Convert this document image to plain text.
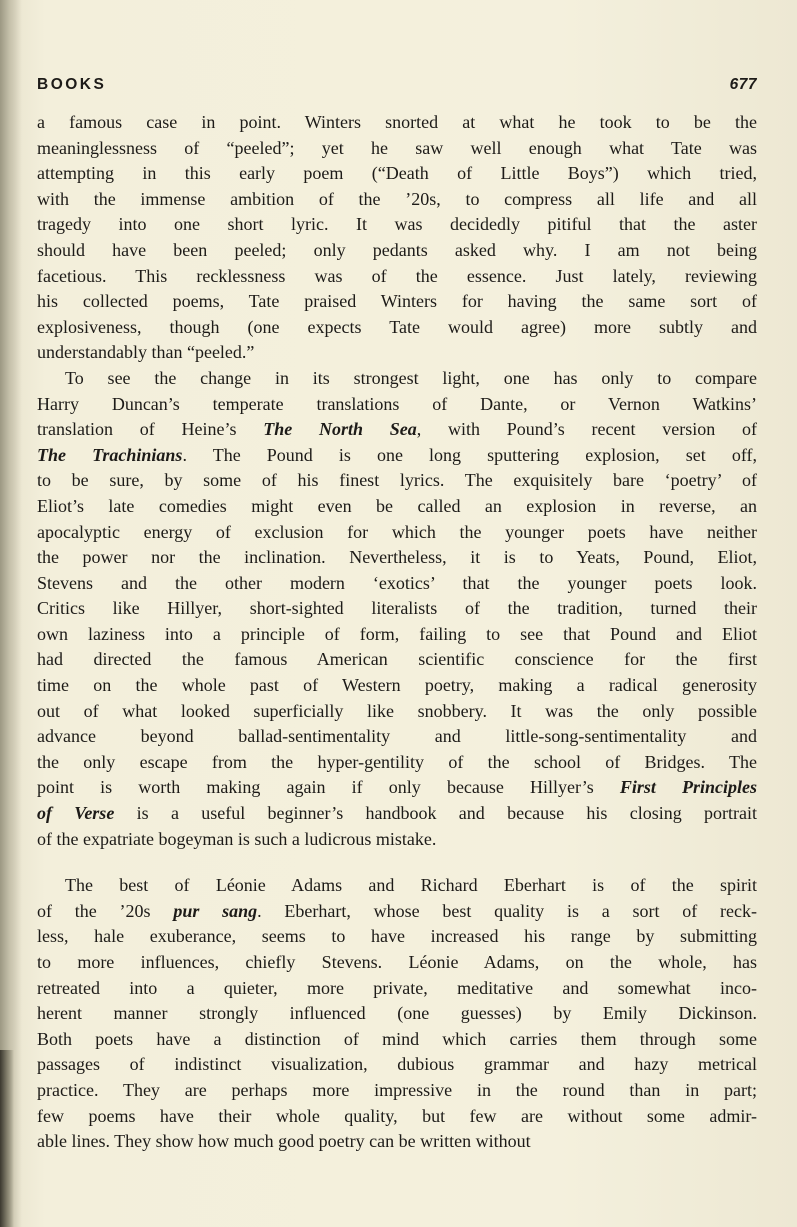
BOOKS	677
a famous case in point. Winters snorted at what he took to be the
meaninglessness of “peeled”; yet he saw well enough what Tate was
attempting in this early poem (“Death of Little Boys”) which tried,
with the immense ambition of the ’20s, to compress all life and all
tragedy into one short lyric. It was decidedly pitiful that the aster
should have been peeled; only pedants asked why. I am not being
facetious. This recklessness was of the essence. Just lately, reviewing
his collected poems, Tate praised Winters for having the same sort of
explosiveness, though (one expects Tate would agree) more subtly and
understandably than “peeled.”
To see the change in its strongest light, one has only to compare
Harry Duncan’s temperate translations of Dante, or Vernon Watkins’
translation of Heine’s The North Sea, with Pound’s recent version of
The Trachinians. The Pound is one long sputtering explosion, set off,
to be sure, by some of his finest lyrics. The exquisitely bare ‘poetry’ of
Eliot’s late comedies might even be called an explosion in reverse, an
apocalyptic energy of exclusion for which the younger poets have neither
the power nor the inclination. Nevertheless, it is to Yeats, Pound, Eliot,
Stevens and the other modern ‘exotics’ that the younger poets look.
Critics like Hillyer, short-sighted literalists of the tradition, turned their
own laziness into a principle of form, failing to see that Pound and Eliot
had directed the famous American scientific conscience for the first
time on the whole past of Western poetry, making a radical generosity
out of what looked superficially like snobbery. It was the only possible
advance beyond ballad-sentimentality and little-song-sentimentality and
the only escape from the hyper-gentility of the school of Bridges. The
point is worth making again if only because Hillyer’s First Principles
of Verse is a useful beginner’s handbook and because his closing portrait
of the expatriate bogeyman is such a ludicrous mistake.
The best of Léonie Adams and Richard Eberhart is of the spirit
of the ’20s pur sang. Eberhart, whose best quality is a sort of reck-
less, hale exuberance, seems to have increased his range by submitting
to more influences, chiefly Stevens. Léonie Adams, on the whole, has
retreated into a quieter, more private, meditative and somewhat inco-
herent manner strongly influenced (one guesses) by Emily Dickinson.
Both poets have a distinction of mind which carries them through some
passages of indistinct visualization, dubious grammar and hazy metrical
practice. They are perhaps more impressive in the round than in part;
few poems have their whole quality, but few are without some admir-
able lines. They show how much good poetry can be written without
